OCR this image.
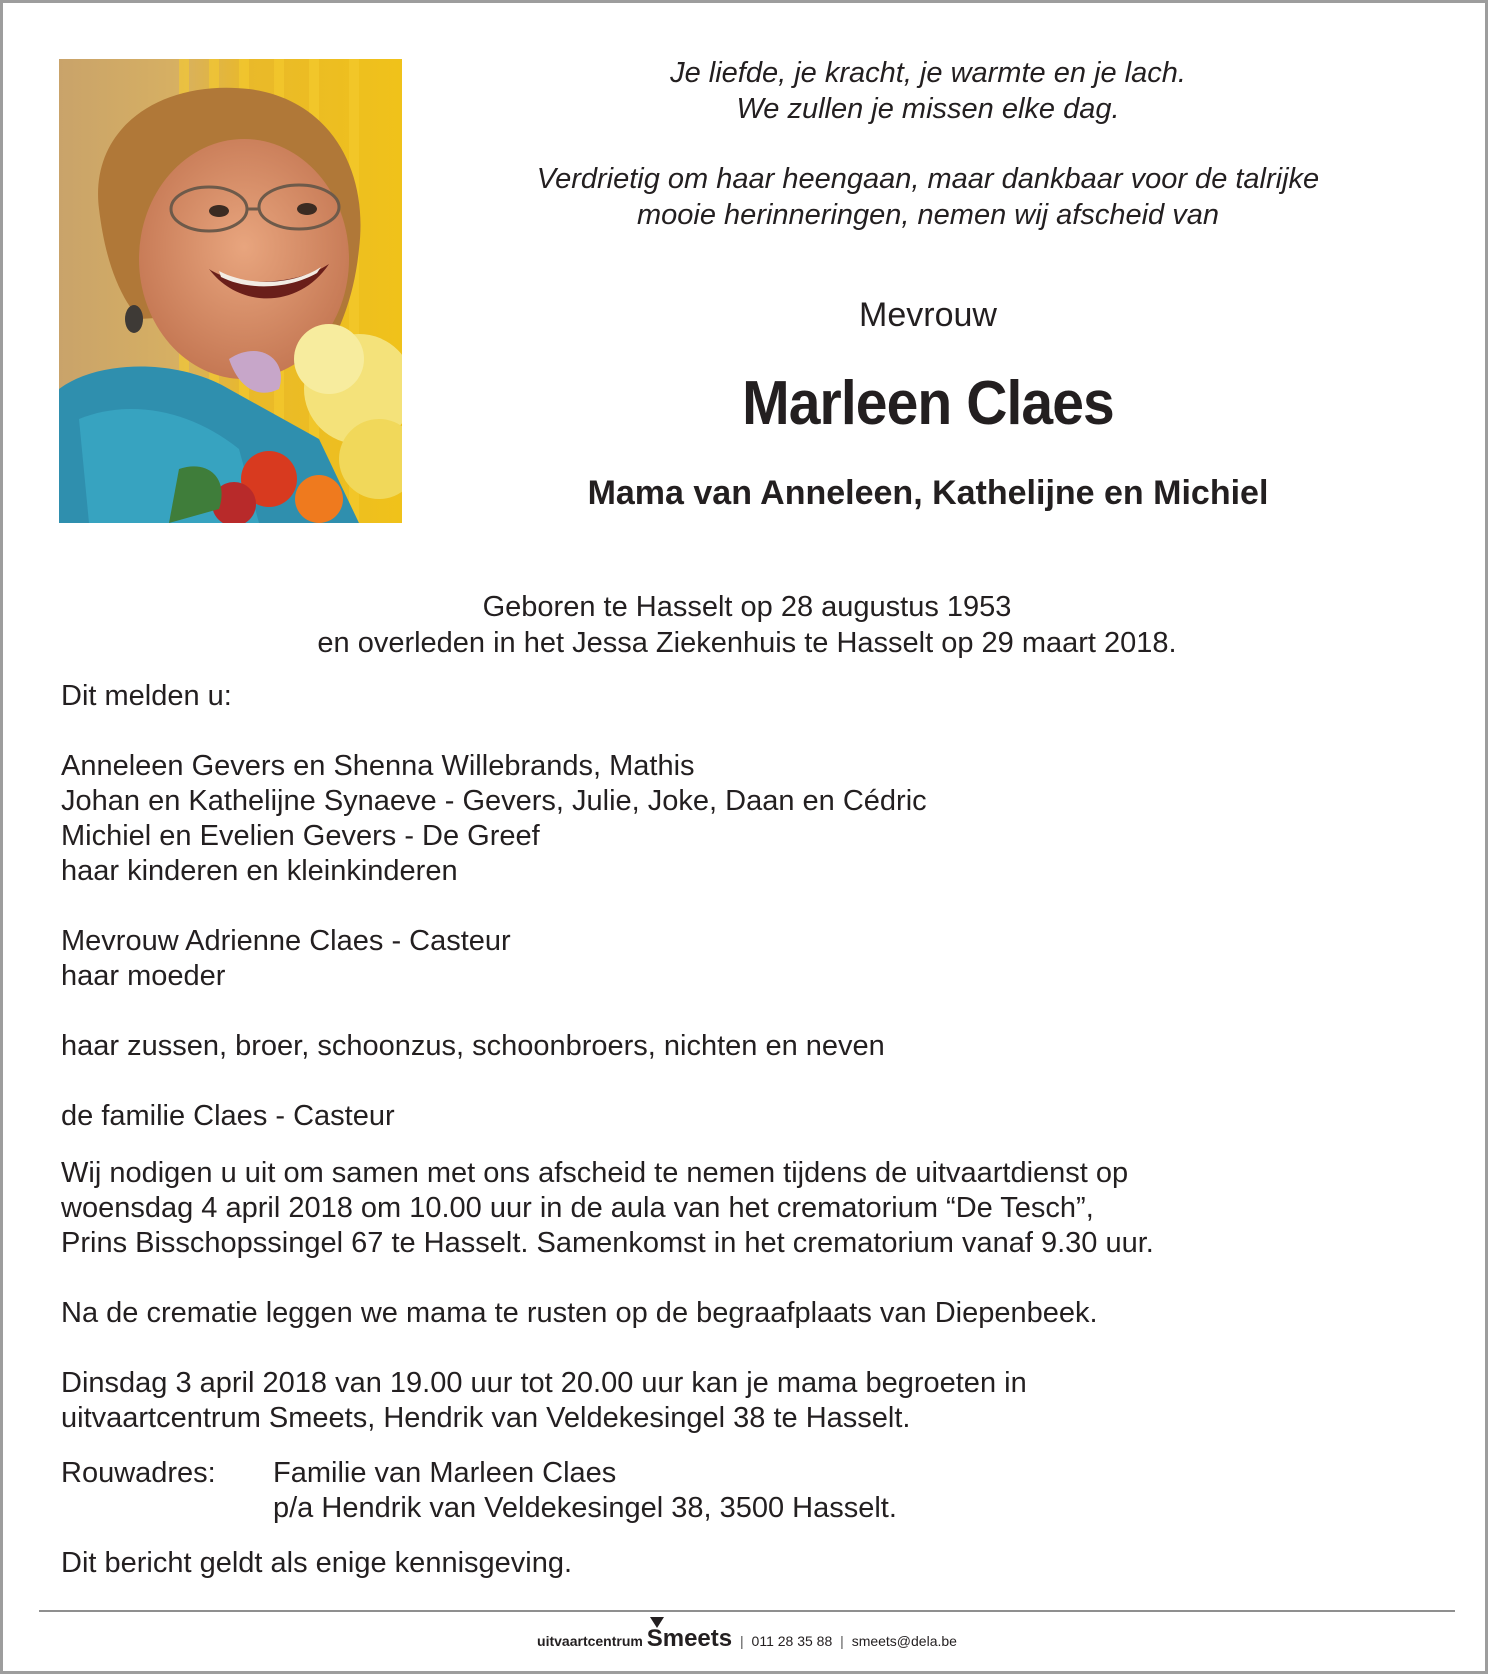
Je liefde, je kracht, je warmte en je lach.
We zullen je missen elke dag.

Verdrietig om haar heengaan, maar dankbaar voor de talrijke
mooie herinneringen, nemen wij afscheid van

Mevrouw
Marleen Claes
Mama van Anneleen, Kathelijne en Michiel
Geboren te Hasselt op 28 augustus 1953
en overleden in het Jessa Ziekenhuis te Hasselt op 29 maart 2018.

Dit melden u:

Anneleen Gevers en Shenna Willebrands, Mathis

Johan en Kathelijne Synaeve - Gevers, Julie, Joke, Daan en Cédric

Michiel en Evelien Gevers - De Greef

haar kinderen en kleinkinderen

Mevrouw Adrienne Claes - Casteur

haar moeder

haar zussen, broer, schoonzus, schoonbroers, nichten en neven

de familie Claes - Casteur

Wij nodigen u uit om samen met ons afscheid te nemen tijdens de uitvaartdienst op

woensdag 4 april 2018 om 10.00 uur in de aula van het crematorium “De Tesch”,

Prins Bisschopssingel 67 te Hasselt. Samenkomst in het crematorium vanaf 9.30 uur.

Na de crematie leggen we mama te rusten op de begraafplaats van Diepenbeek.

Dinsdag 3 april 2018 van 19.00 uur tot 20.00 uur kan je mama begroeten in

uitvaartcentrum Smeets, Hendrik van Veldekesingel 38 te Hasselt.

Rouwadres:	Familie van Marleen Claes
p/a Hendrik van Veldekesingel 38, 3500 Hasselt.

Dit bericht geldt als enige kennisgeving.

uitvaartcentrum Smeets | 011 28 35 88 | smeets@dela.be
